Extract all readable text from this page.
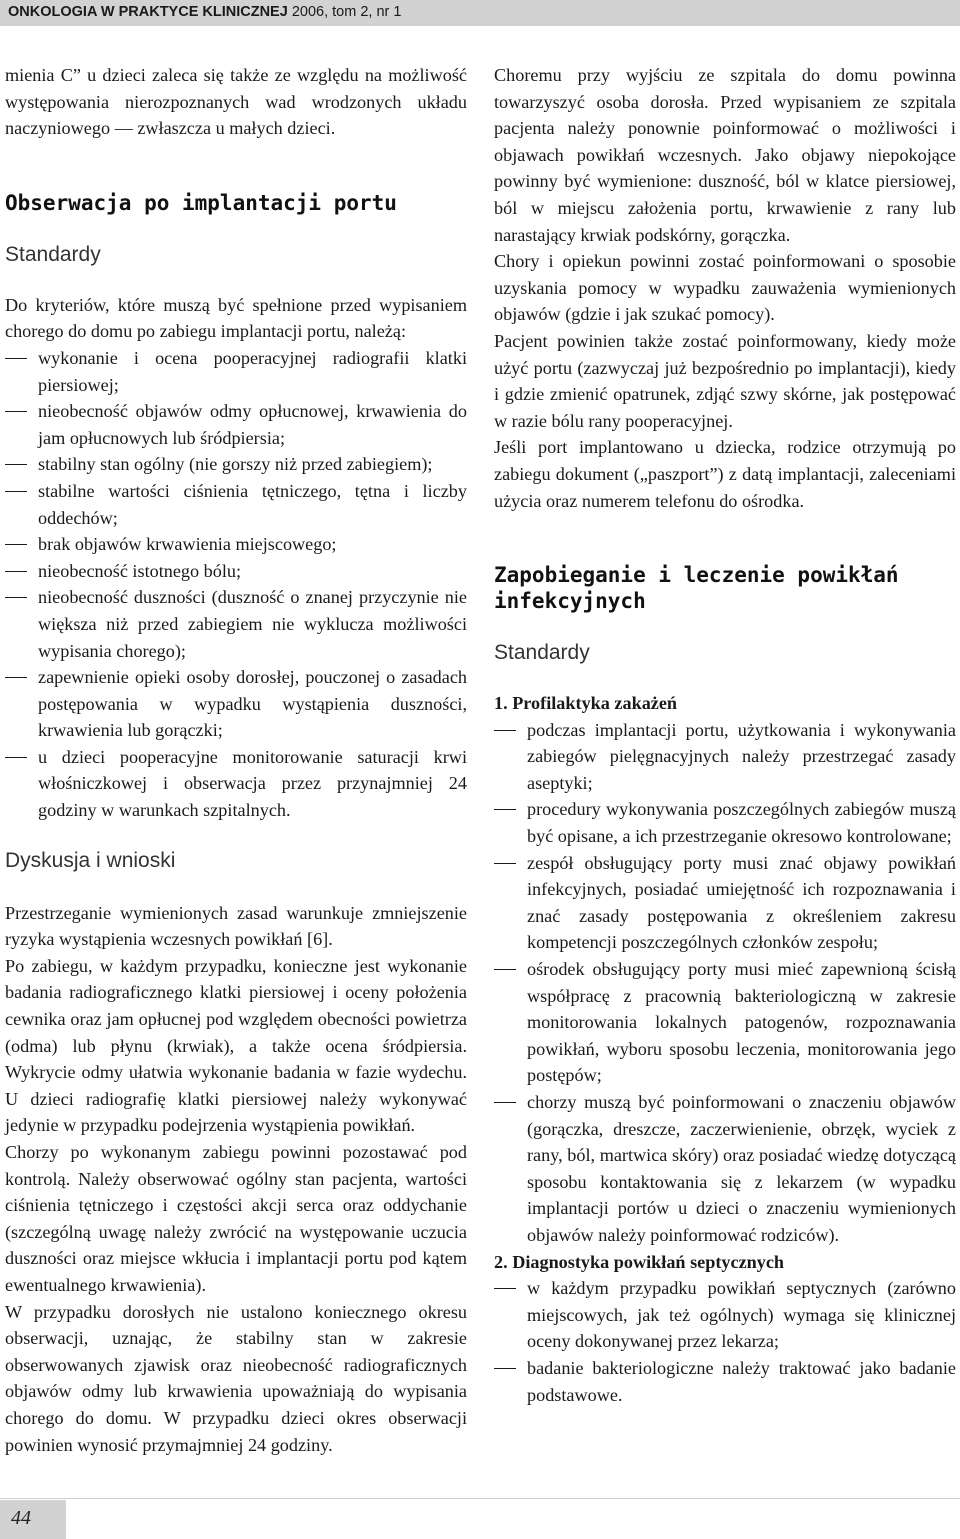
ONKOLOGIA W PRAKTYCE KLINICZNEJ 2006, tom 2, nr 1

mienia C” u dzieci zaleca się także ze względu na możliwość występowania nierozpoznanych wad wrodzonych układu naczyniowego — zwłaszcza u małych dzieci.

Obserwacja po implantacji portu
Standardy

Do kryteriów, które muszą być spełnione przed wypisaniem chorego do domu po zabiegu implantacji portu, należą:

wykonanie i ocena pooperacyjnej radiografii klatki piersiowej;
nieobecność objawów odmy opłucnowej, krwawienia do jam opłucnowych lub śródpiersia;
stabilny stan ogólny (nie gorszy niż przed zabiegiem);
stabilne wartości ciśnienia tętniczego, tętna i liczby oddechów;
brak objawów krwawienia miejscowego;
nieobecność istotnego bólu;
nieobecność duszności (duszność o znanej przyczynie nie większa niż przed zabiegiem nie wyklucza możliwości wypisania chorego);
zapewnienie opieki osoby dorosłej, pouczonej o zasadach postępowania w wypadku wystąpienia duszności, krwawienia lub gorączki;
u dzieci pooperacyjne monitorowanie saturacji krwi włośniczkowej i obserwacja przez przynajmniej 24 godziny w warunkach szpitalnych.
Dyskusja i wnioski

Przestrzeganie wymienionych zasad warunkuje zmniejszenie ryzyka wystąpienia wczesnych powikłań [6].

Po zabiegu, w każdym przypadku, konieczne jest wykonanie badania radiograficznego klatki piersiowej i oceny położenia cewnika oraz jam opłucnej pod względem obecności powietrza (odma) lub płynu (krwiak), a także ocena śródpiersia. Wykrycie odmy ułatwia wykonanie badania w fazie wydechu. U dzieci radiografię klatki piersiowej należy wykonywać jedynie w przypadku podejrzenia wystąpienia powikłań.

Chorzy po wykonanym zabiegu powinni pozostawać pod kontrolą. Należy obserwować ogólny stan pacjenta, wartości ciśnienia tętniczego i częstości akcji serca oraz oddychanie (szczególną uwagę należy zwrócić na występowanie uczucia duszności oraz miejsce wkłucia i implantacji portu pod kątem ewentualnego krwawienia).

W przypadku dorosłych nie ustalono koniecznego okresu obserwacji, uznając, że stabilny stan w zakresie obserwowanych zjawisk oraz nieobecność radiograficznych objawów odmy lub krwawienia upoważniają do wypisania chorego do domu. W przypadku dzieci okres obserwacji powinien wynosić przymajmniej 24 godziny.

Choremu przy wyjściu ze szpitala do domu powinna towarzyszyć osoba dorosła. Przed wypisaniem ze szpitala pacjenta należy ponownie poinformować o możliwości i objawach powikłań wczesnych. Jako objawy niepokojące powinny być wymienione: duszność, ból w klatce piersiowej, ból w miejscu założenia portu, krwawienie z rany lub narastający krwiak podskórny, gorączka.

Chory i opiekun powinni zostać poinformowani o sposobie uzyskania pomocy w wypadku zauważenia wymienionych objawów (gdzie i jak szukać pomocy).

Pacjent powinien także zostać poinformowany, kiedy może użyć portu (zazwyczaj już bezpośrednio po implantacji), kiedy i gdzie zmienić opatrunek, zdjąć szwy skórne, jak postępować w razie bólu rany pooperacyjnej.

Jeśli port implantowano u dziecka, rodzice otrzymują po zabiegu dokument („paszport”) z datą implantacji, zaleceniami użycia oraz numerem telefonu do ośrodka.

Zapobieganie i leczenie powikłań infekcyjnych
Standardy
1. Profilaktyka zakażeń
podczas implantacji portu, użytkowania i wykonywania zabiegów pielęgnacyjnych należy przestrzegać zasady aseptyki;
procedury wykonywania poszczególnych zabiegów muszą być opisane, a ich przestrzeganie okresowo kontrolowane;
zespół obsługujący porty musi znać objawy powikłań infekcyjnych, posiadać umiejętność ich rozpoznawania i znać zasady postępowania z określeniem zakresu kompetencji poszczególnych członków zespołu;
ośrodek obsługujący porty musi mieć zapewnioną ścisłą współpracę z pracownią bakteriologiczną w zakresie monitorowania lokalnych patogenów, rozpoznawania powikłań, wyboru sposobu leczenia, monitorowania jego postępów;
chorzy muszą być poinformowani o znaczeniu objawów (gorączka, dreszcze, zaczerwienienie, obrzęk, wyciek z rany, ból, martwica skóry) oraz posiadać wiedzę dotyczącą sposobu kontaktowania się z lekarzem (w wypadku implantacji portów u dzieci o znaczeniu wymienionych objawów należy poinformować rodziców).
2. Diagnostyka powikłań septycznych
w każdym przypadku powikłań septycznych (zarówno miejscowych, jak też ogólnych) wymaga się klinicznej oceny dokonywanej przez lekarza;
badanie bakteriologiczne należy traktować jako badanie podstawowe.
44
